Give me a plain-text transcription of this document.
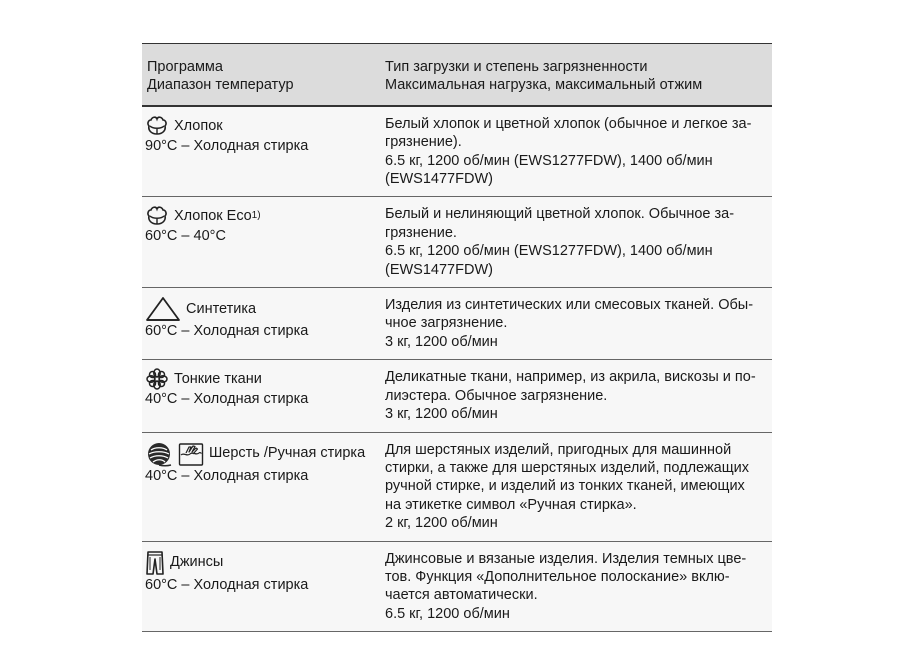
Программа
Диапазон температур	Тип загрузки и степень загрязненности
Максимальная нагрузка, максимальный отжим

Хлопок
90°C – Холодная стирка	Белый хлопок и цветной хлопок (обычное и легкое за-
грязнение).
6.5 кг, 1200 об/мин (EWS1277FDW), 1400 об/мин
(EWS1477FDW)

Хлопок Eco 1)
60°C – 40°C	Белый и нелиняющий цветной хлопок. Обычное за-
грязнение.
6.5 кг, 1200 об/мин (EWS1277FDW), 1400 об/мин
(EWS1477FDW)

Синтетика
60°C – Холодная стирка	Изделия из синтетических или смесовых тканей. Обы-
чное загрязнение.
3 кг, 1200 об/мин

Тонкие ткани
40°C – Холодная стирка	Деликатные ткани, например, из акрила, вискозы и по-
лиэстера. Обычное загрязнение.
3 кг, 1200 об/мин

Шерсть /Ручная стирка
40°C – Холодная стирка	Для шерстяных изделий, пригодных для машинной
стирки, а также для шерстяных изделий, подлежащих
ручной стирке, и изделий из тонких тканей, имеющих
на этикетке символ «Ручная стирка».
2 кг, 1200 об/мин

Джинсы
60°C – Холодная стирка	Джинсовые и вязаные изделия. Изделия темных цве-
тов. Функция «Дополнительное полоскание» вклю-
чается автоматически.
6.5 кг, 1200 об/мин
